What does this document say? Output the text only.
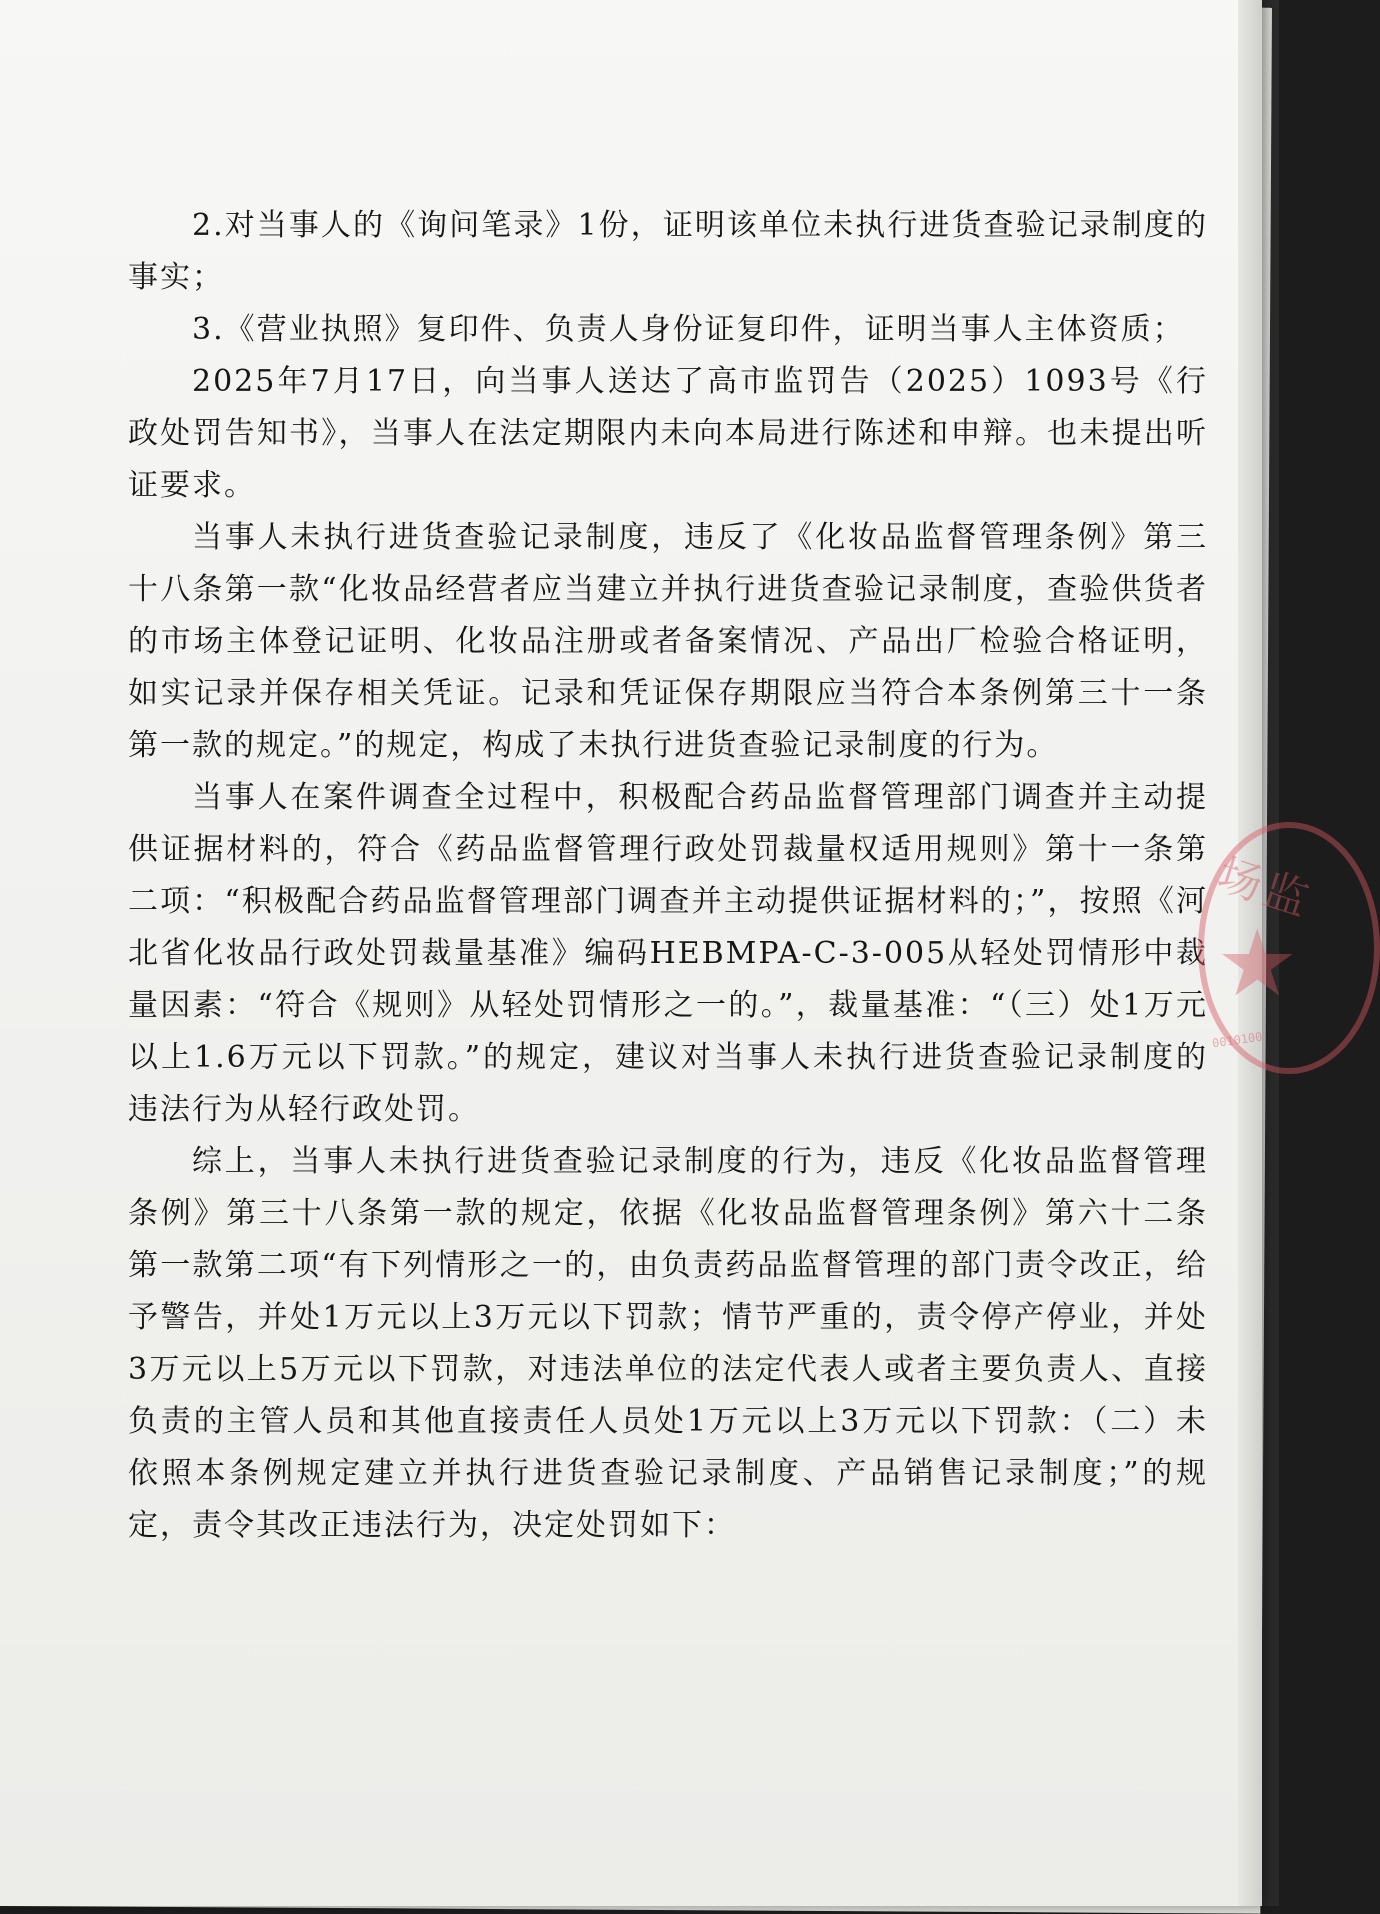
2.对当事人的《询问笔录》1份，证明该单位未执行进货查验记录制度的事实；

3.《营业执照》复印件、负责人身份证复印件，证明当事人主体资质；

2025年7月17日，向当事人送达了高市监罚告（2025）1093号《行政处罚告知书》，当事人在法定期限内未向本局进行陈述和申辩。也未提出听证要求。

当事人未执行进货查验记录制度，违反了《化妆品监督管理条例》第三十八条第一款“化妆品经营者应当建立并执行进货查验记录制度，查验供货者的市场主体登记证明、化妆品注册或者备案情况、产品出厂检验合格证明，如实记录并保存相关凭证。记录和凭证保存期限应当符合本条例第三十一条第一款的规定。”的规定，构成了未执行进货查验记录制度的行为。

当事人在案件调查全过程中，积极配合药品监督管理部门调查并主动提供证据材料的，符合《药品监督管理行政处罚裁量权适用规则》第十一条第二项：“积极配合药品监督管理部门调查并主动提供证据材料的；”，按照《河北省化妆品行政处罚裁量基准》编码HEBMPA-C-3-005从轻处罚情形中裁量因素：“符合《规则》从轻处罚情形之一的。”，裁量基准：“（三）处1万元以上1.6万元以下罚款。”的规定，建议对当事人未执行进货查验记录制度的违法行为从轻行政处罚。

综上，当事人未执行进货查验记录制度的行为，违反《化妆品监督管理条例》第三十八条第一款的规定，依据《化妆品监督管理条例》第六十二条第一款第二项“有下列情形之一的，由负责药品监督管理的部门责令改正，给予警告，并处1万元以上3万元以下罚款；情节严重的，责令停产停业，并处3万元以上5万元以下罚款，对违法单位的法定代表人或者主要负责人、直接负责的主管人员和其他直接责任人员处1万元以上3万元以下罚款：（二）未依照本条例规定建立并执行进货查验记录制度、产品销售记录制度；”的规定，责令其改正违法行为，决定处罚如下：

场监
★
0010100
